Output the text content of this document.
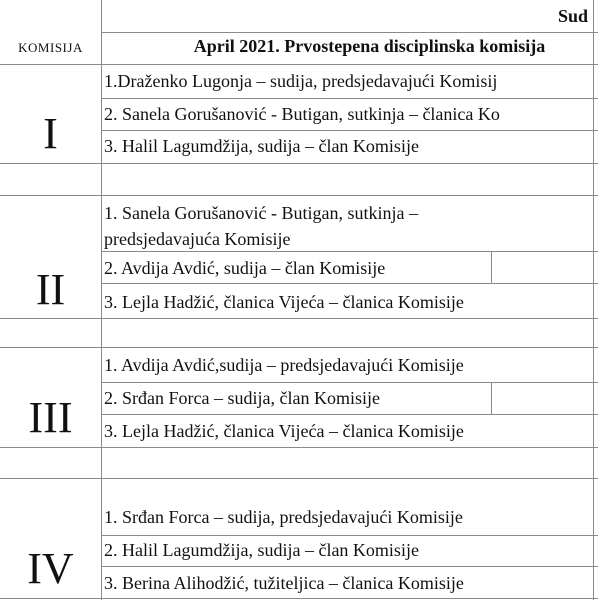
Sud
KOMISIJA	April 2021. Prvostepena disciplinska komisija
I
1.Draženko Lugonja – sudija, predsjedavajući Komisij
2. Sanela Gorušanović - Butigan, sutkinja – članica Ko
3. Halil Lagumdžija, sudija – član Komisije
II
1. Sanela Gorušanović - Butigan, sutkinja –
predsjedavajuća Komisije
2. Avdija Avdić, sudija – član Komisije
3. Lejla Hadžić, članica Vijeća – članica Komisije
III
1. Avdija Avdić,sudija – predsjedavajući Komisije
2. Srđan Forca – sudija, član Komisije
3. Lejla Hadžić, članica Vijeća – članica Komisije
IV
1. Srđan Forca – sudija, predsjedavajući Komisije
2. Halil Lagumdžija, sudija – član Komisije
3. Berina Alihodžić, tužiteljica – članica Komisije
